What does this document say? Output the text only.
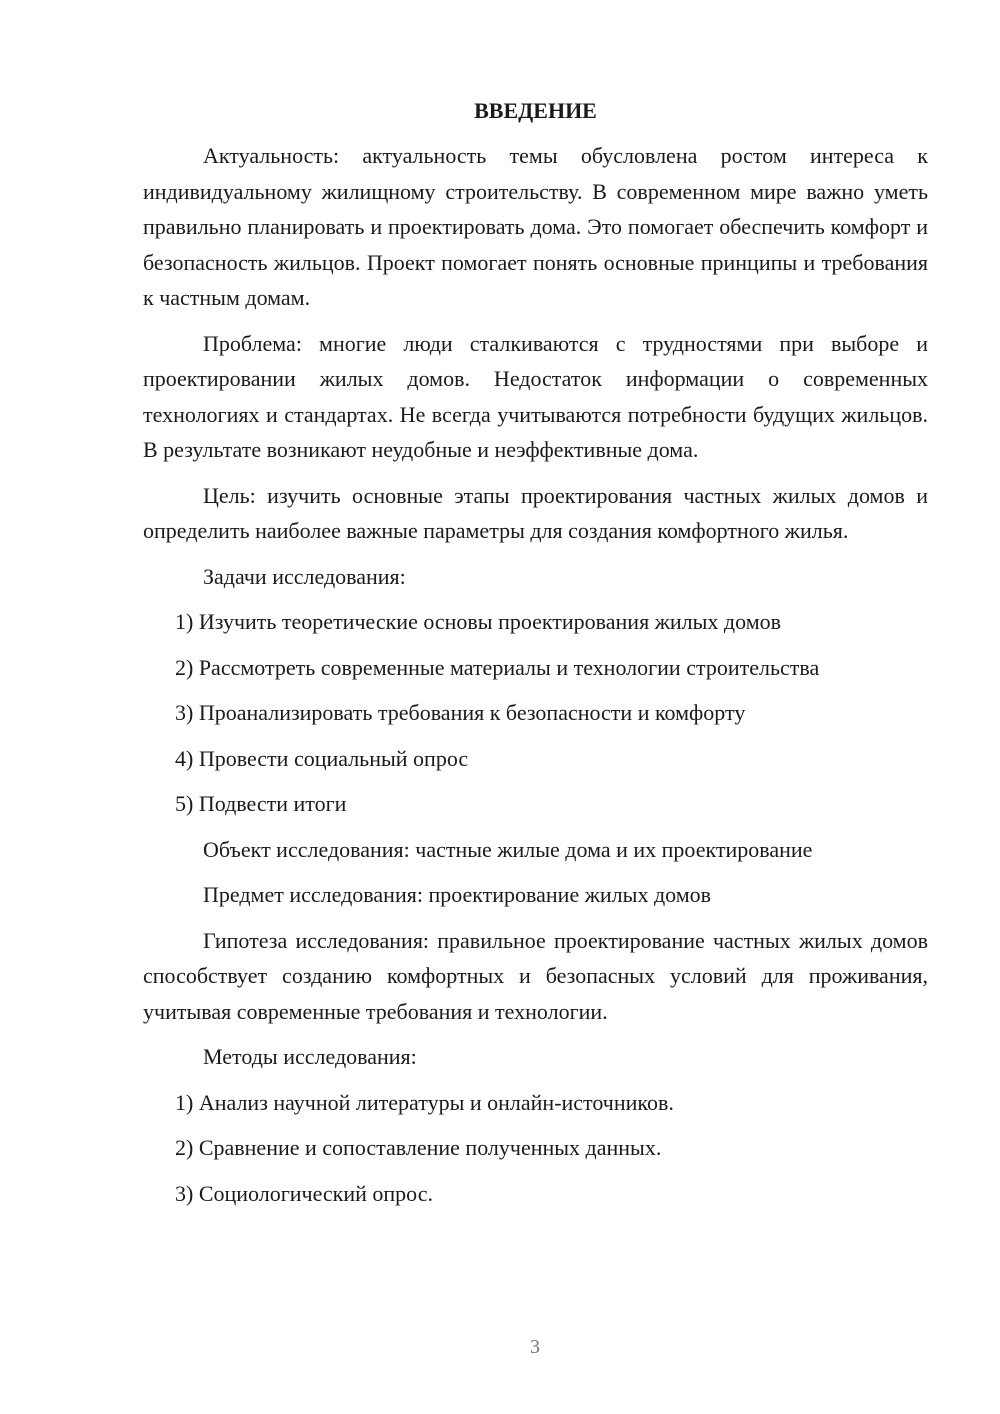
ВВЕДЕНИЕ

Актуальность: актуальность темы обусловлена ростом интереса к индивидуальному жилищному строительству. В современном мире важно уметь правильно планировать и проектировать дома. Это помогает обеспечить комфорт и безопасность жильцов. Проект помогает понять основные принципы и требования к частным домам.

Проблема: многие люди сталкиваются с трудностями при выборе и проектировании жилых домов. Недостаток информации о современных технологиях и стандартах. Не всегда учитываются потребности будущих жильцов. В результате возникают неудобные и неэффективные дома.

Цель: изучить основные этапы проектирования частных жилых домов и определить наиболее важные параметры для создания комфортного жилья.

Задачи исследования:
1) Изучить теоретические основы проектирования жилых домов
2) Рассмотреть современные материалы и технологии строительства
3) Проанализировать требования к безопасности и комфорту
4) Провести социальный опрос
5) Подвести итоги
Объект исследования: частные жилые дома и их проектирование
Предмет исследования: проектирование жилых домов

Гипотеза исследования: правильное проектирование частных жилых домов способствует созданию комфортных и безопасных условий для проживания, учитывая современные требования и технологии.

Методы исследования:
1) Анализ научной литературы и онлайн-источников.
2) Сравнение и сопоставление полученных данных.
3) Социологический опрос.
3
